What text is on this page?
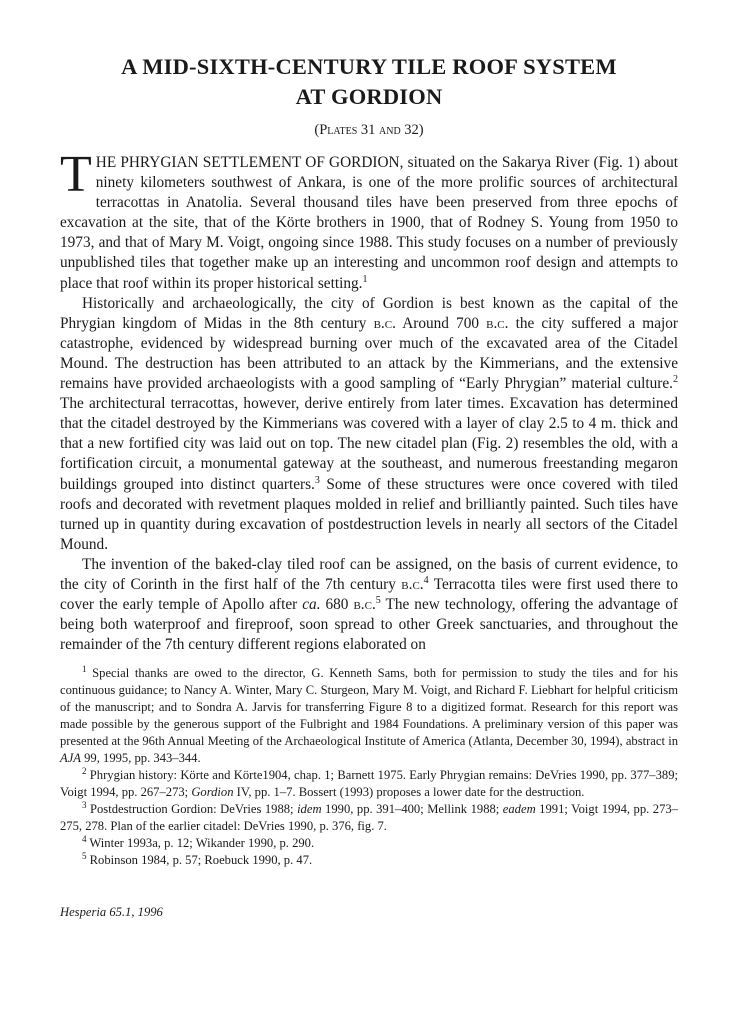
A MID-SIXTH-CENTURY TILE ROOF SYSTEM
AT GORDION
(Plates 31 and 32)

THE PHRYGIAN SETTLEMENT OF GORDION, situated on the Sakarya River (Fig. 1) about ninety kilometers southwest of Ankara, is one of the more prolific sources of architectural terracottas in Anatolia. Several thousand tiles have been preserved from three epochs of excavation at the site, that of the Körte brothers in 1900, that of Rodney S. Young from 1950 to 1973, and that of Mary M. Voigt, ongoing since 1988. This study focuses on a number of previously unpublished tiles that together make up an interesting and uncommon roof design and attempts to place that roof within its proper historical setting.$^1$

Historically and archaeologically, the city of Gordion is best known as the capital of the Phrygian kingdom of Midas in the 8th century b.c. Around 700 b.c. the city suffered a major catastrophe, evidenced by widespread burning over much of the excavated area of the Citadel Mound. The destruction has been attributed to an attack by the Kimmerians, and the extensive remains have provided archaeologists with a good sampling of “Early Phrygian” material culture.$^2$ The architectural terracottas, however, derive entirely from later times. Excavation has determined that the citadel destroyed by the Kimmerians was covered with a layer of clay 2.5 to 4 m. thick and that a new fortified city was laid out on top. The new citadel plan (Fig. 2) resembles the old, with a fortification circuit, a monumental gateway at the southeast, and numerous freestanding megaron buildings grouped into distinct quarters.$^3$ Some of these structures were once covered with tiled roofs and decorated with revetment plaques molded in relief and brilliantly painted. Such tiles have turned up in quantity during excavation of postdestruction levels in nearly all sectors of the Citadel Mound.

The invention of the baked-clay tiled roof can be assigned, on the basis of current evidence, to the city of Corinth in the first half of the 7th century b.c.$^4$ Terracotta tiles were first used there to cover the early temple of Apollo after ca. 680 b.c.$^5$ The new technology, offering the advantage of being both waterproof and fireproof, soon spread to other Greek sanctuaries, and throughout the remainder of the 7th century different regions elaborated on

$^1$ Special thanks are owed to the director, G. Kenneth Sams, both for permission to study the tiles and for his continuous guidance; to Nancy A. Winter, Mary C. Sturgeon, Mary M. Voigt, and Richard F. Liebhart for helpful criticism of the manuscript; and to Sondra A. Jarvis for transferring Figure 8 to a digitized format. Research for this report was made possible by the generous support of the Fulbright and 1984 Foundations. A preliminary version of this paper was presented at the 96th Annual Meeting of the Archaeological Institute of America (Atlanta, December 30, 1994), abstract in AJA 99, 1995, pp. 343–344.

$^2$ Phrygian history: Körte and Körte1904, chap. 1; Barnett 1975. Early Phrygian remains: DeVries 1990, pp. 377–389; Voigt 1994, pp. 267–273; Gordion IV, pp. 1–7. Bossert (1993) proposes a lower date for the destruction.

$^3$ Postdestruction Gordion: DeVries 1988; idem 1990, pp. 391–400; Mellink 1988; eadem 1991; Voigt 1994, pp. 273–275, 278. Plan of the earlier citadel: DeVries 1990, p. 376, fig. 7.

$^4$ Winter 1993a, p. 12; Wikander 1990, p. 290.

$^5$ Robinson 1984, p. 57; Roebuck 1990, p. 47.

Hesperia 65.1, 1996
